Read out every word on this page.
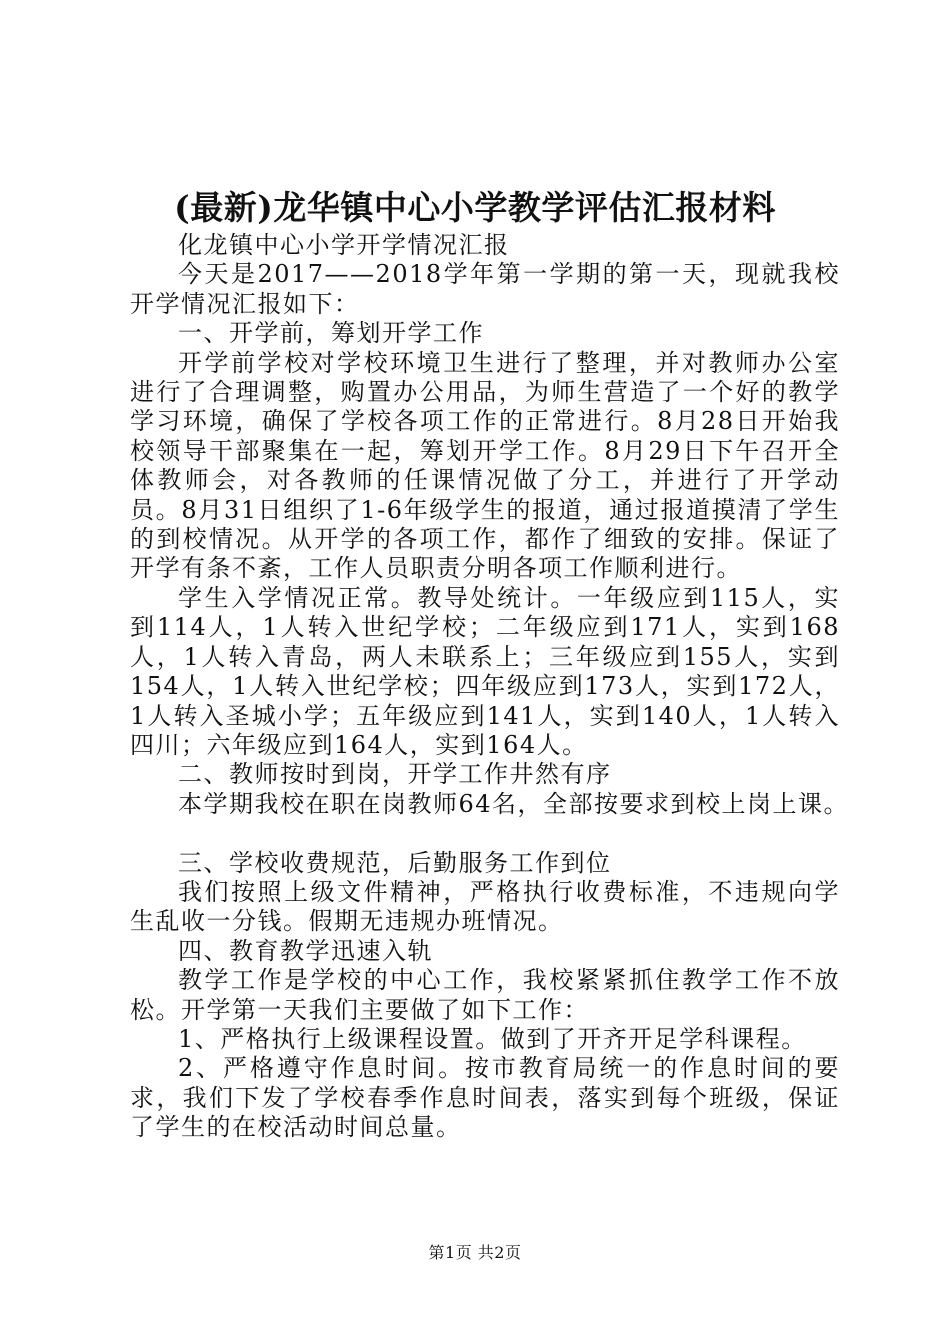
(最新)龙华镇中心小学教学评估汇报材料

化龙镇中心小学开学情况汇报

今天是2017——2018学年第一学期的第一天，现就我校开学情况汇报如下：

一、开学前，筹划开学工作

开学前学校对学校环境卫生进行了整理，并对教师办公室进行了合理调整，购置办公用品，为师生营造了一个好的教学学习环境，确保了学校各项工作的正常进行。8月28日开始我校领导干部聚集在一起，筹划开学工作。8月29日下午召开全体教师会，对各教师的任课情况做了分工，并进行了开学动员。8月31日组织了1-6年级学生的报道，通过报道摸清了学生的到校情况。从开学的各项工作，都作了细致的安排。保证了开学有条不紊，工作人员职责分明各项工作顺利进行。

学生入学情况正常。教导处统计。一年级应到115人，实到114人，1人转入世纪学校；二年级应到171人，实到168人，1人转入青岛，两人未联系上；三年级应到155人，实到154人，1人转入世纪学校；四年级应到173人，实到172人，1人转入圣城小学；五年级应到141人，实到140人，1人转入四川；六年级应到164人，实到164人。

二、教师按时到岗，开学工作井然有序

本学期我校在职在岗教师64名，全部按要求到校上岗上课。

三、学校收费规范，后勤服务工作到位

我们按照上级文件精神，严格执行收费标准，不违规向学生乱收一分钱。假期无违规办班情况。

四、教育教学迅速入轨

教学工作是学校的中心工作，我校紧紧抓住教学工作不放松。开学第一天我们主要做了如下工作：

1、严格执行上级课程设置。做到了开齐开足学科课程。

2、严格遵守作息时间。按市教育局统一的作息时间的要求，我们下发了学校春季作息时间表，落实到每个班级，保证了学生的在校活动时间总量。

第1页 共2页
